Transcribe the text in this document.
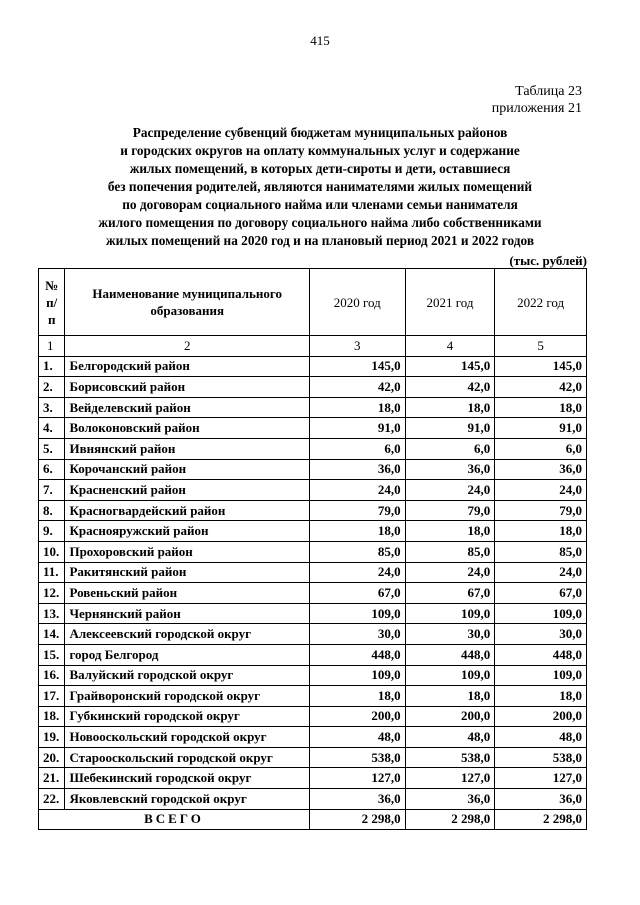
415
Таблица 23
приложения 21
Распределение субвенций бюджетам муниципальных районов
и городских округов на оплату коммунальных услуг и содержание
жилых помещений, в которых дети-сироты и дети, оставшиеся
без попечения родителей, являются нанимателями жилых помещений
по договорам социального найма или членами семьи нанимателя
жилого помещения по договору социального найма либо собственниками
жилых помещений на 2020 год и на плановый период 2021 и 2022 годов
(тыс. рублей)
№ п/п	Наименование муниципального образования	2020 год	2021 год	2022 год
1	2	3	4	5
1.	Белгородский район	145,0	145,0	145,0
2.	Борисовский район	42,0	42,0	42,0
3.	Вейделевский район	18,0	18,0	18,0
4.	Волоконовский район	91,0	91,0	91,0
5.	Ивнянский район	6,0	6,0	6,0
6.	Корочанский район	36,0	36,0	36,0
7.	Красненский район	24,0	24,0	24,0
8.	Красногвардейский район	79,0	79,0	79,0
9.	Краснояружский район	18,0	18,0	18,0
10.	Прохоровский район	85,0	85,0	85,0
11.	Ракитянский район	24,0	24,0	24,0
12.	Ровеньский район	67,0	67,0	67,0
13.	Чернянский район	109,0	109,0	109,0
14.	Алексеевский городской округ	30,0	30,0	30,0
15.	город Белгород	448,0	448,0	448,0
16.	Валуйский городской округ	109,0	109,0	109,0
17.	Грайворонский городской округ	18,0	18,0	18,0
18.	Губкинский городской округ	200,0	200,0	200,0
19.	Новооскольский городской округ	48,0	48,0	48,0
20.	Старооскольский городской округ	538,0	538,0	538,0
21.	Шебекинский городской округ	127,0	127,0	127,0
22.	Яковлевский городской округ	36,0	36,0	36,0
ВСЕГО		2 298,0	2 298,0	2 298,0
